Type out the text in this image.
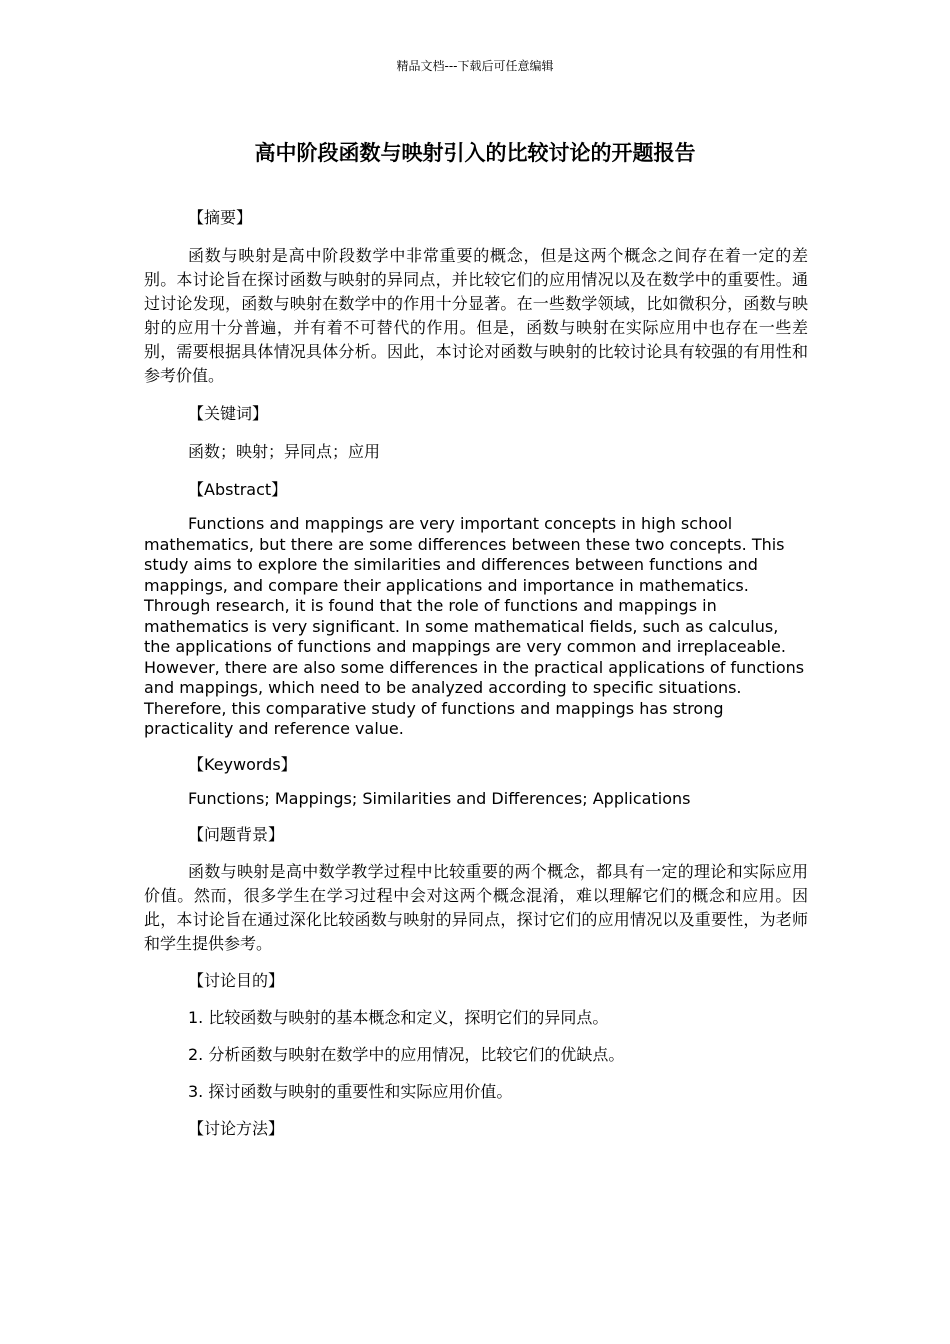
精品文档---下载后可任意编辑
高中阶段函数与映射引入的比较讨论的开题报告

【摘要】

函数与映射是高中阶段数学中非常重要的概念，但是这两个概念之间存在着一定的差别。本讨论旨在探讨函数与映射的异同点，并比较它们的应用情况以及在数学中的重要性。通过讨论发现，函数与映射在数学中的作用十分显著。在一些数学领域，比如微积分，函数与映射的应用十分普遍，并有着不可替代的作用。但是，函数与映射在实际应用中也存在一些差别，需要根据具体情况具体分析。因此，本讨论对函数与映射的比较讨论具有较强的有用性和参考价值。

【关键词】

函数；映射；异同点；应用

【Abstract】

Functions and mappings are very important concepts in high school mathematics, but there are some differences between these two concepts. This study aims to explore the similarities and differences between functions and mappings, and compare their applications and importance in mathematics. Through research, it is found that the role of functions and mappings in mathematics is very significant. In some mathematical fields, such as calculus, the applications of functions and mappings are very common and irreplaceable. However, there are also some differences in the practical applications of functions and mappings, which need to be analyzed according to specific situations. Therefore, this comparative study of functions and mappings has strong practicality and reference value.

【Keywords】

Functions; Mappings; Similarities and Differences; Applications

【问题背景】

函数与映射是高中数学教学过程中比较重要的两个概念，都具有一定的理论和实际应用价值。然而，很多学生在学习过程中会对这两个概念混淆，难以理解它们的概念和应用。因此，本讨论旨在通过深化比较函数与映射的异同点，探讨它们的应用情况以及重要性，为老师和学生提供参考。

【讨论目的】

1. 比较函数与映射的基本概念和定义，探明它们的异同点。

2. 分析函数与映射在数学中的应用情况，比较它们的优缺点。

3. 探讨函数与映射的重要性和实际应用价值。

【讨论方法】
